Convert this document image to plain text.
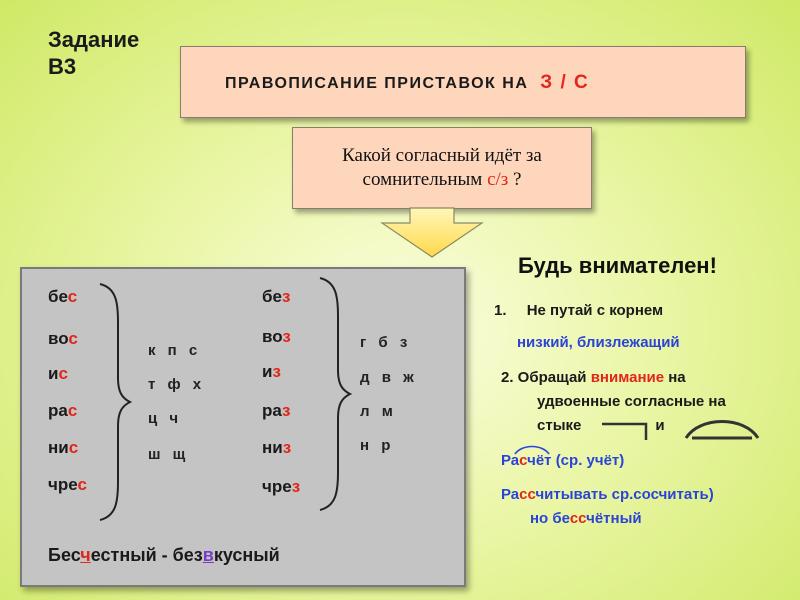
Задание
В3
ПРАВОПИСАНИЕ ПРИСТАВОК НА З / С
Какой согласный идёт за
сомнительным с/з ?
бес
вос
ис
рас
нис
чрес
к п с
т ф х
ц ч
ш щ
без
воз
из
раз
низ
чрез
г б з
д в ж
л м
н р
Бесчестный - безвкусный
Будь внимателен!
1. Не путай с корнем
низкий, близлежащий
2. Обращай внимание на
удвоенные согласные на
стыке	и
Расчёт (ср. учёт)
Рассчитывать ср.сосчитать)
но бессчётный
